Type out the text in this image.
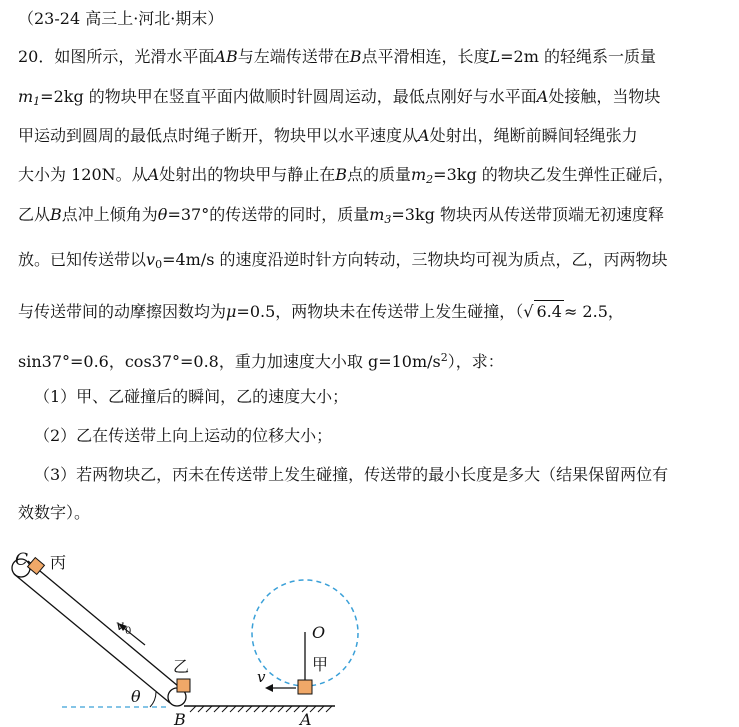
（23-24 高三上·河北·期末）
20．如图所示，光滑水平面AB与左端传送带在B点平滑相连，长度L=2m 的轻绳系一质量
$m_1=2kg$ 的物块甲在竖直平面内做顺时针圆周运动，最低点刚好与水平面A处接触，当物块
甲运动到圆周的最低点时绳子断开，物块甲以水平速度从A处射出，绳断前瞬间轻绳张力
大小为 120N。从A处射出的物块甲与静止在B点的质量$m_2=3kg$ 的物块乙发生弹性正碰后，
乙从B点冲上倾角为θ=37°的传送带的同时，质量$m_3=3kg$ 物块丙从传送带顶端无初速度释
放。已知传送带以$v_0=4m/s$ 的速度沿逆时针方向转动，三物块均可视为质点，乙，丙两物块
与传送带间的动摩擦因数均为μ=0.5，两物块未在传送带上发生碰撞，（√ 6.4 ≈ 2.5，
sin37°=0.6，cos37°=0.8，重力加速度大小取 $g=10m/s^2$），求：
（1）甲、乙碰撞后的瞬间，乙的速度大小；
（2）乙在传送带上向上运动的位移大小；
（3）若两物块乙，丙未在传送带上发生碰撞，传送带的最小长度是多大（结果保留两位有
效数字）。
C 丙
v 0
乙
θ
B
O
甲
v
A
